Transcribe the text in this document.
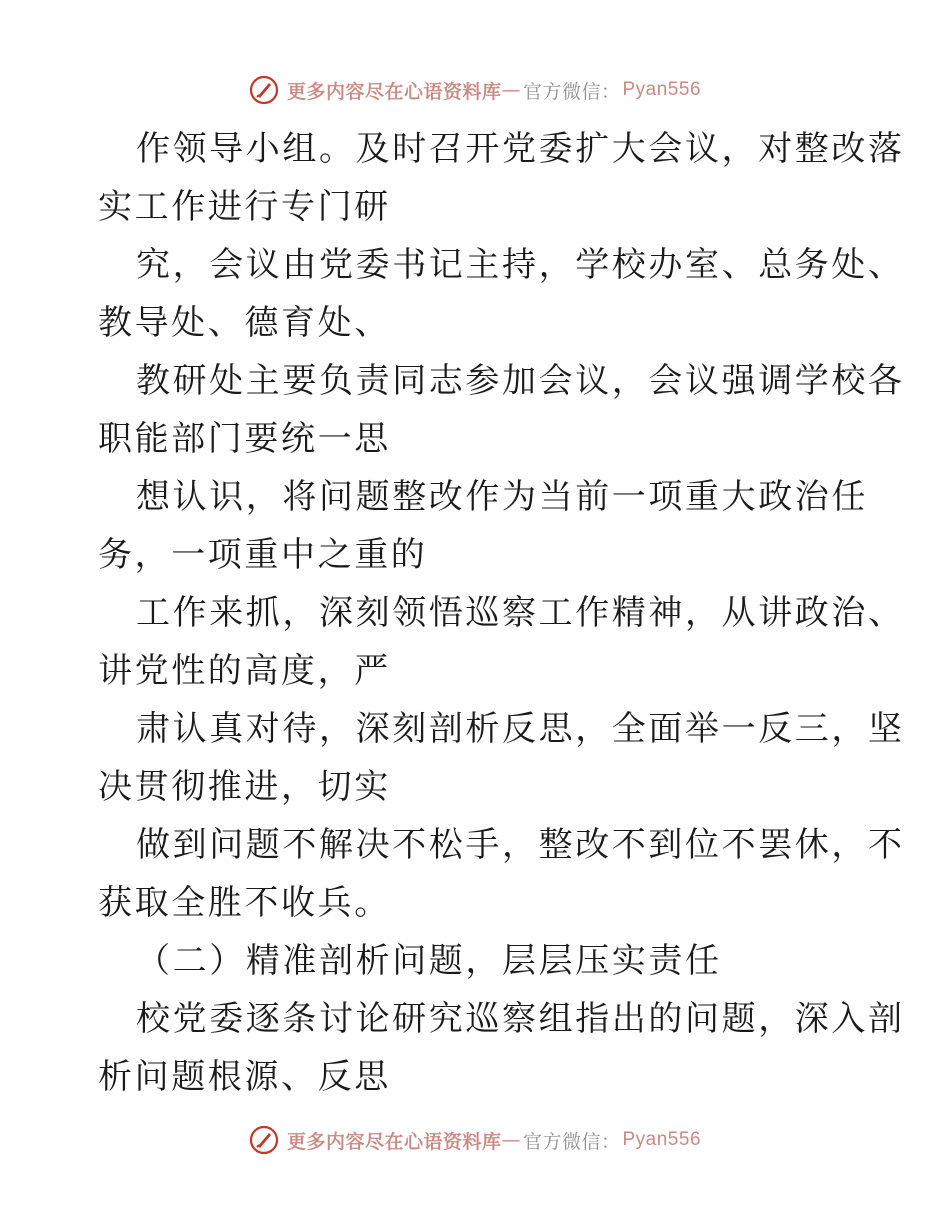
更多内容尽在心语资料库 — 官方微信： Pyan556

作领导小组。及时召开党委扩大会议，对整改落
实工作进行专门研

究，会议由党委书记主持，学校办室、总务处、
教导处、德育处、

教研处主要负责同志参加会议，会议强调学校各
职能部门要统一思

想认识，将问题整改作为当前一项重大政治任
务，一项重中之重的

工作来抓，深刻领悟巡察工作精神，从讲政治、
讲党性的高度，严

肃认真对待，深刻剖析反思，全面举一反三，坚
决贯彻推进，切实

做到问题不解决不松手，整改不到位不罢休，不
获取全胜不收兵。

（二）精准剖析问题，层层压实责任

校党委逐条讨论研究巡察组指出的问题，深入剖
析问题根源、反思

更多内容尽在心语资料库 — 官方微信： Pyan556
